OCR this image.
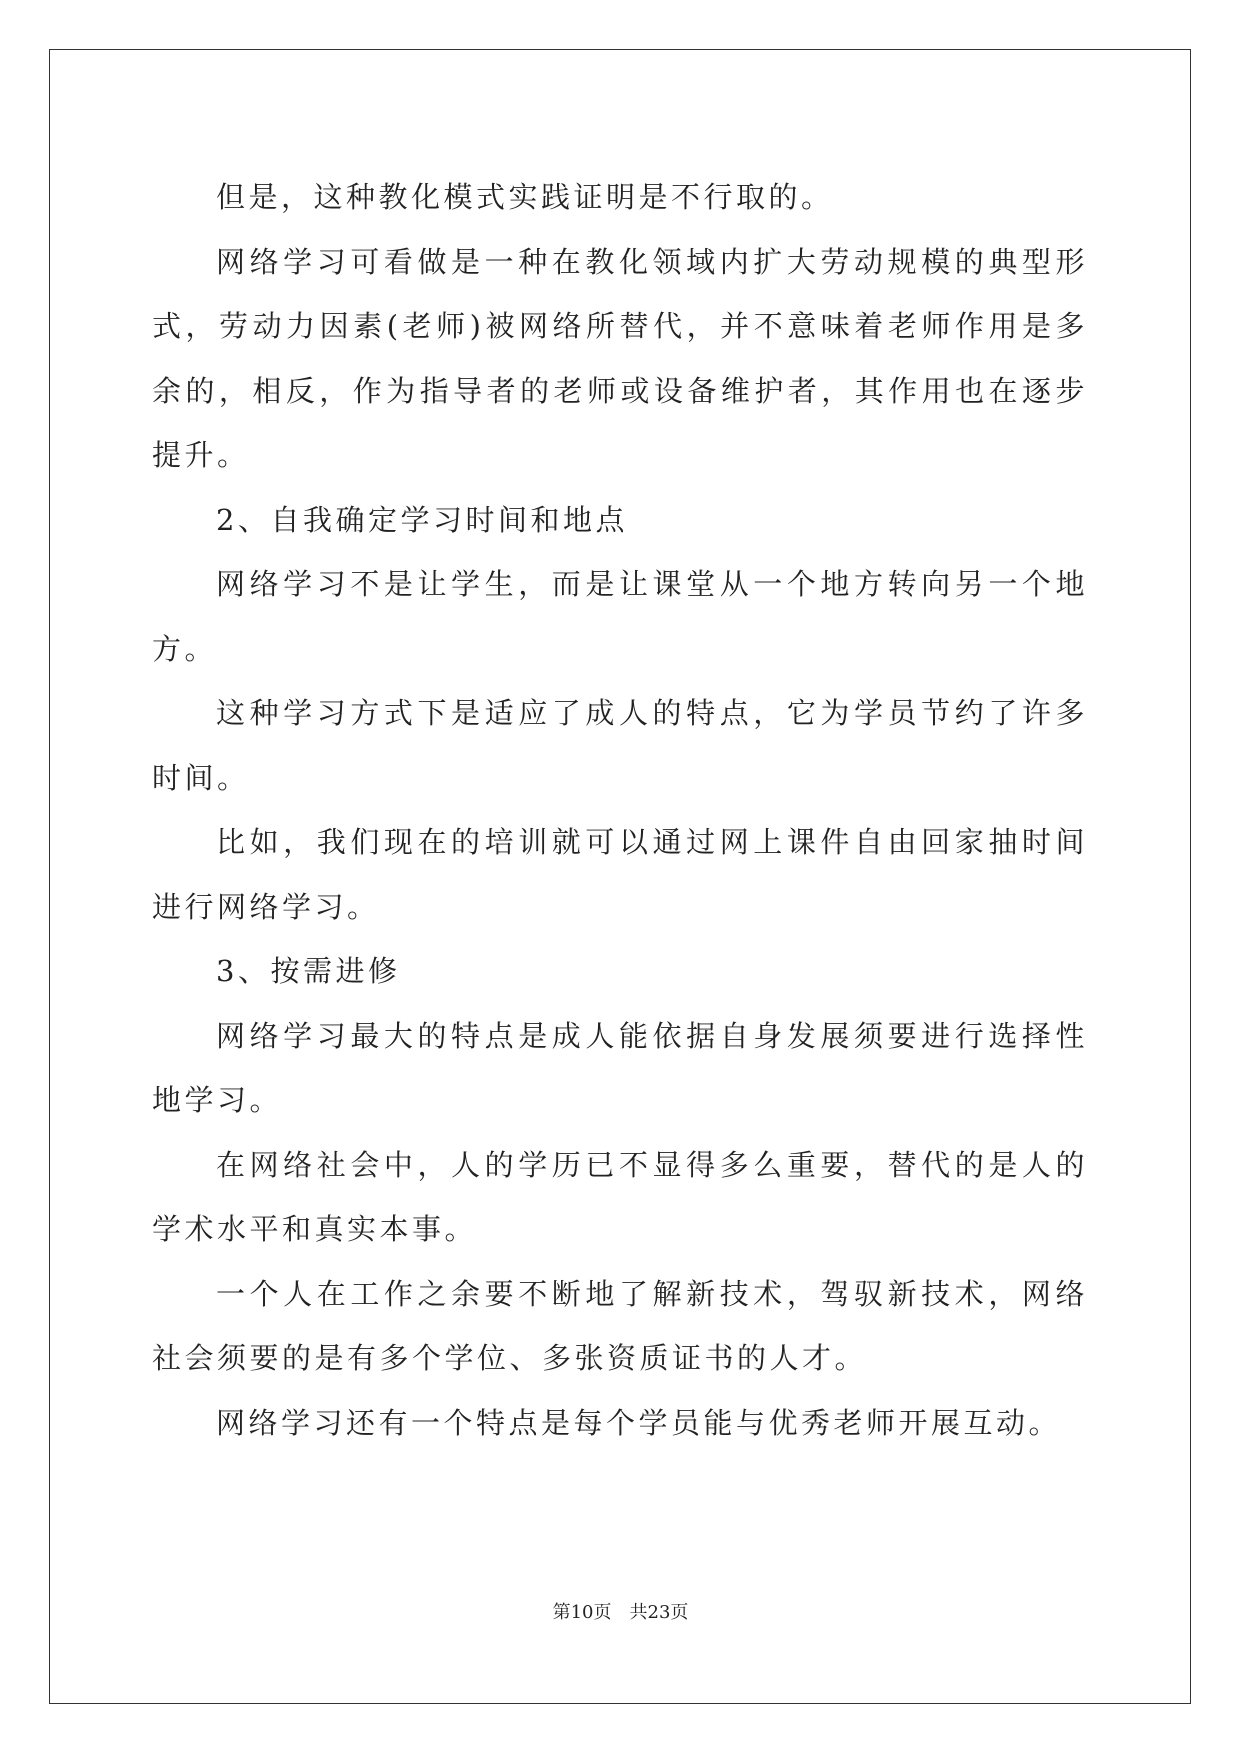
但是，这种教化模式实践证明是不行取的。

网络学习可看做是一种在教化领域内扩大劳动规模的典型形式，劳动力因素(老师)被网络所替代，并不意味着老师作用是多余的，相反，作为指导者的老师或设备维护者，其作用也在逐步提升。

2、自我确定学习时间和地点

网络学习不是让学生，而是让课堂从一个地方转向另一个地方。

这种学习方式下是适应了成人的特点，它为学员节约了许多时间。

比如，我们现在的培训就可以通过网上课件自由回家抽时间进行网络学习。

3、按需进修

网络学习最大的特点是成人能依据自身发展须要进行选择性地学习。

在网络社会中，人的学历已不显得多么重要，替代的是人的学术水平和真实本事。

一个人在工作之余要不断地了解新技术，驾驭新技术，网络社会须要的是有多个学位、多张资质证书的人才。

网络学习还有一个特点是每个学员能与优秀老师开展互动。

第10页　共23页
